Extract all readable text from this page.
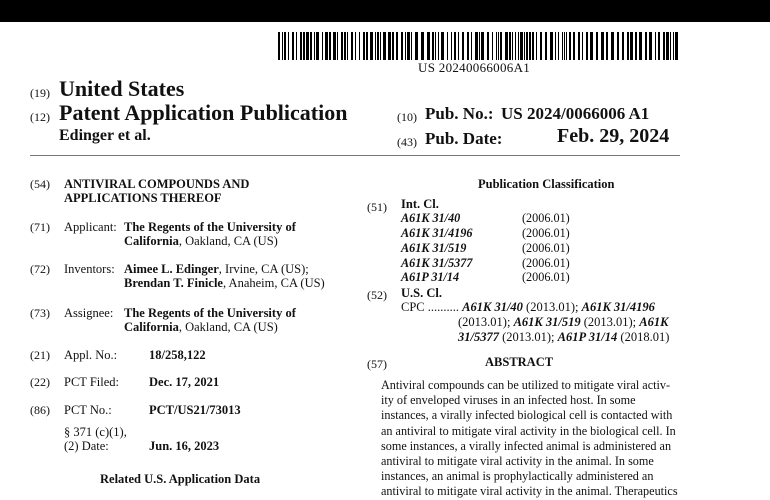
US 20240066006A1
(19) United States
(12) Patent Application Publication
Edinger et al.
(10) Pub. No.: US 2024/0066006 A1
(43) Pub. Date:	Feb. 29, 2024
(54) ANTIVIRAL COMPOUNDS AND
APPLICATIONS THEREOF
(71) Applicant: The Regents of the University of
California, Oakland, CA (US)
(72) Inventors: Aimee L. Edinger, Irvine, CA (US);
Brendan T. Finicle, Anaheim, CA (US)
(73) Assignee: The Regents of the University of
California, Oakland, CA (US)
(21) Appl. No.:	18/258,122
(22) PCT Filed: Dec. 17, 2021
(86) PCT No.:	PCT/US21/73013
§ 371 (c)(1),
(2) Date:	Jun. 16, 2023
Related U.S. Application Data
Publication Classification
(51) Int. Cl.
A61K 31/40	(2006.01)
A61K 31/4196	(2006.01)
A61K 31/519	(2006.01)
A61K 31/5377	(2006.01)
A61P 31/14	(2006.01)
(52) U.S. Cl.
CPC .......... A61K 31/40 (2013.01); A61K 31/4196
(2013.01); A61K 31/519 (2013.01); A61K
31/5377 (2013.01); A61P 31/14 (2018.01)
(57)	ABSTRACT
Antiviral compounds can be utilized to mitigate viral activ-
ity of enveloped viruses in an infected host. In some
instances, a virally infected biological cell is contacted with
an antiviral to mitigate viral activity in the biological cell. In
some instances, a virally infected animal is administered an
antiviral to mitigate viral activity in the animal. In some
instances, an animal is prophylactically administered an
antiviral to mitigate viral activity in the animal. Therapeutics
